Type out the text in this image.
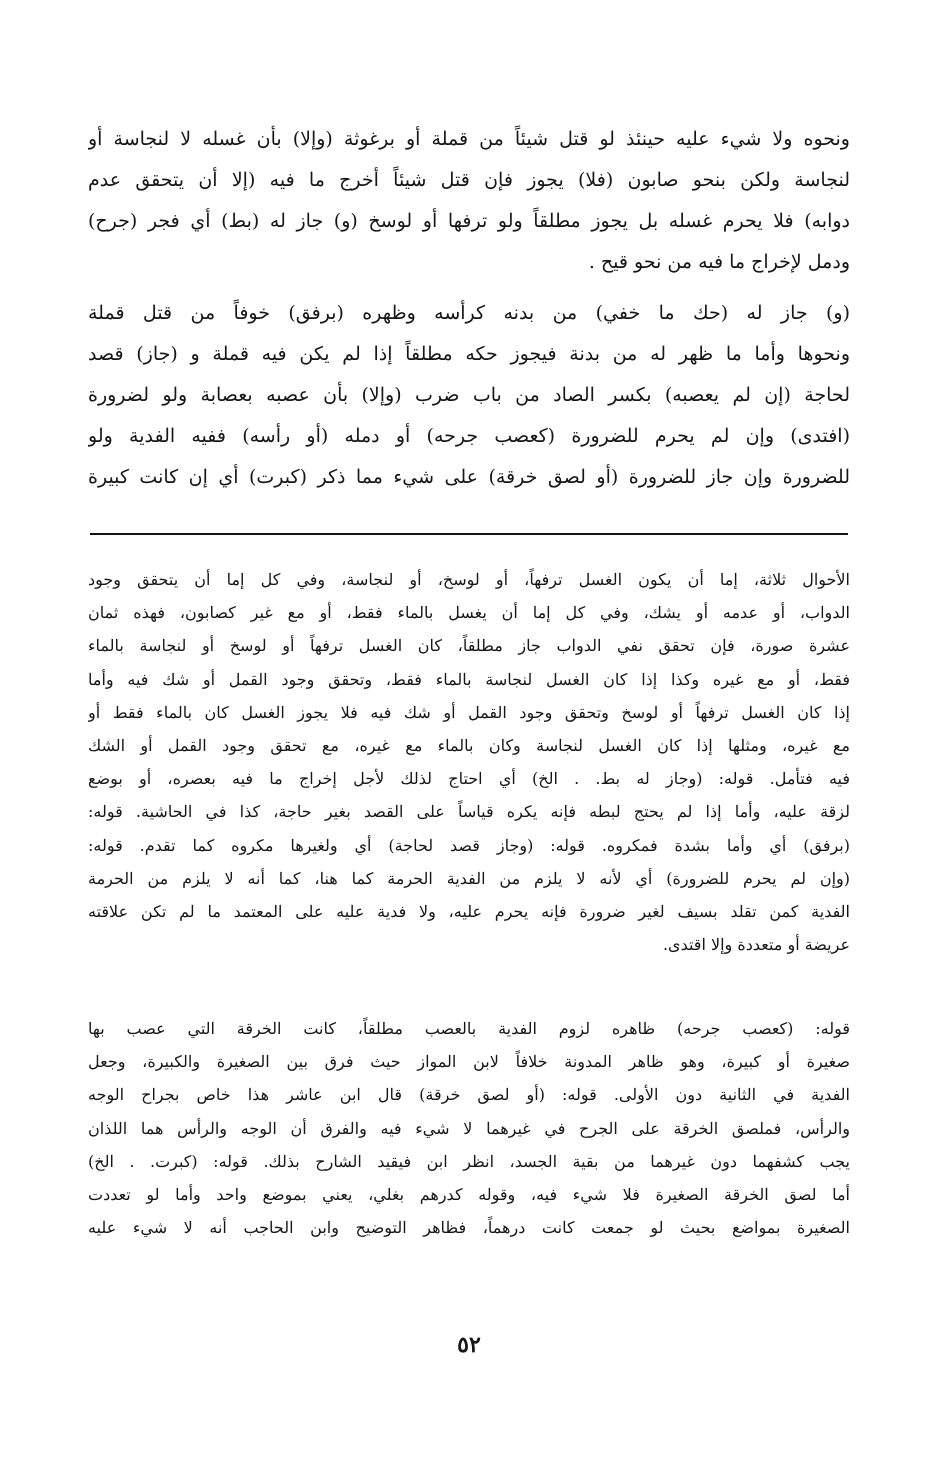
ونحوه ولا شيء عليه حينئذ لو قتل شيئاً من قملة أو برغوثة (وإلا) بأن غسله لا لنجاسة أو
لنجاسة ولكن بنحو صابون (فلا) يجوز فإن قتل شيئاً أخرج ما فيه (إلا أن يتحقق عدم
دوابه) فلا يحرم غسله بل يجوز مطلقاً ولو ترفها أو لوسخ (و) جاز له (بط) أي فجر (جرح)
ودمل لإخراج ما فيه من نحو قيح .
(و) جاز له (حك ما خفي) من بدنه كرأسه وظهره (برفق) خوفاً من قتل قملة
ونحوها وأما ما ظهر له من بدنة فيجوز حكه مطلقاً إذا لم يكن فيه قملة و (جاز) قصد
لحاجة (إن لم يعصبه) بكسر الصاد من باب ضرب (وإلا) بأن عصبه بعصابة ولو لضرورة
(افتدى) وإن لم يحرم للضرورة (كعصب جرحه) أو دمله (أو رأسه) ففيه الفدية ولو
للضرورة وإن جاز للضرورة (أو لصق خرقة) على شيء مما ذكر (كبرت) أي إن كانت كبيرة
الأحوال ثلاثة، إما أن يكون الغسل ترفهاً، أو لوسخ، أو لنجاسة، وفي كل إما أن يتحقق وجود
الدواب، أو عدمه أو يشك، وفي كل إما أن يغسل بالماء فقط، أو مع غير كصابون، فهذه ثمان
عشرة صورة، فإن تحقق نفي الدواب جاز مطلقاً، كان الغسل ترفهاً أو لوسخ أو لنجاسة بالماء
فقط، أو مع غيره وكذا إذا كان الغسل لنجاسة بالماء فقط، وتحقق وجود القمل أو شك فيه وأما
إذا كان الغسل ترفهاً أو لوسخ وتحقق وجود القمل أو شك فيه فلا يجوز الغسل كان بالماء فقط أو
مع غيره، ومثلها إذا كان الغسل لنجاسة وكان بالماء مع غيره، مع تحقق وجود القمل أو الشك
فيه فتأمل. قوله: (وجاز له بط. . الخ) أي احتاج لذلك لأجل إخراج ما فيه بعصره، أو بوضع
لزقة عليه، وأما إذا لم يحتج لبطه فإنه يكره قياساً على القصد بغير حاجة، كذا في الحاشية. قوله:
(برفق) أي وأما بشدة فمكروه. قوله: (وجاز قصد لحاجة) أي ولغيرها مكروه كما تقدم. قوله:
(وإن لم يحرم للضرورة) أي لأنه لا يلزم من الفدية الحرمة كما هنا، كما أنه لا يلزم من الحرمة
الفدية كمن تقلد بسيف لغير ضرورة فإنه يحرم عليه، ولا فدية عليه على المعتمد ما لم تكن علاقته
عريضة أو متعددة وإلا اقتدى.
قوله: (كعصب جرحه) ظاهره لزوم الفدية بالعصب مطلقاً، كانت الخرقة التي عصب بها
صغيرة أو كبيرة، وهو ظاهر المدونة خلافاً لابن المواز حيث فرق بين الصغيرة والكبيرة، وجعل
الفدية في الثانية دون الأولى. قوله: (أو لصق خرقة) قال ابن عاشر هذا خاص بجراح الوجه
والرأس، فملصق الخرقة على الجرح في غيرهما لا شيء فيه والفرق أن الوجه والرأس هما اللذان
يجب كشفهما دون غيرهما من بقية الجسد، انظر ابن فيقيد الشارح بذلك. قوله: (كبرت. . الخ)
أما لصق الخرقة الصغيرة فلا شيء فيه، وقوله كدرهم بغلي، يعني بموضع واحد وأما لو تعددت
الصغيرة بمواضع بحيث لو جمعت كانت درهماً، فظاهر التوضيح وابن الحاجب أنه لا شيء عليه
٥٢
